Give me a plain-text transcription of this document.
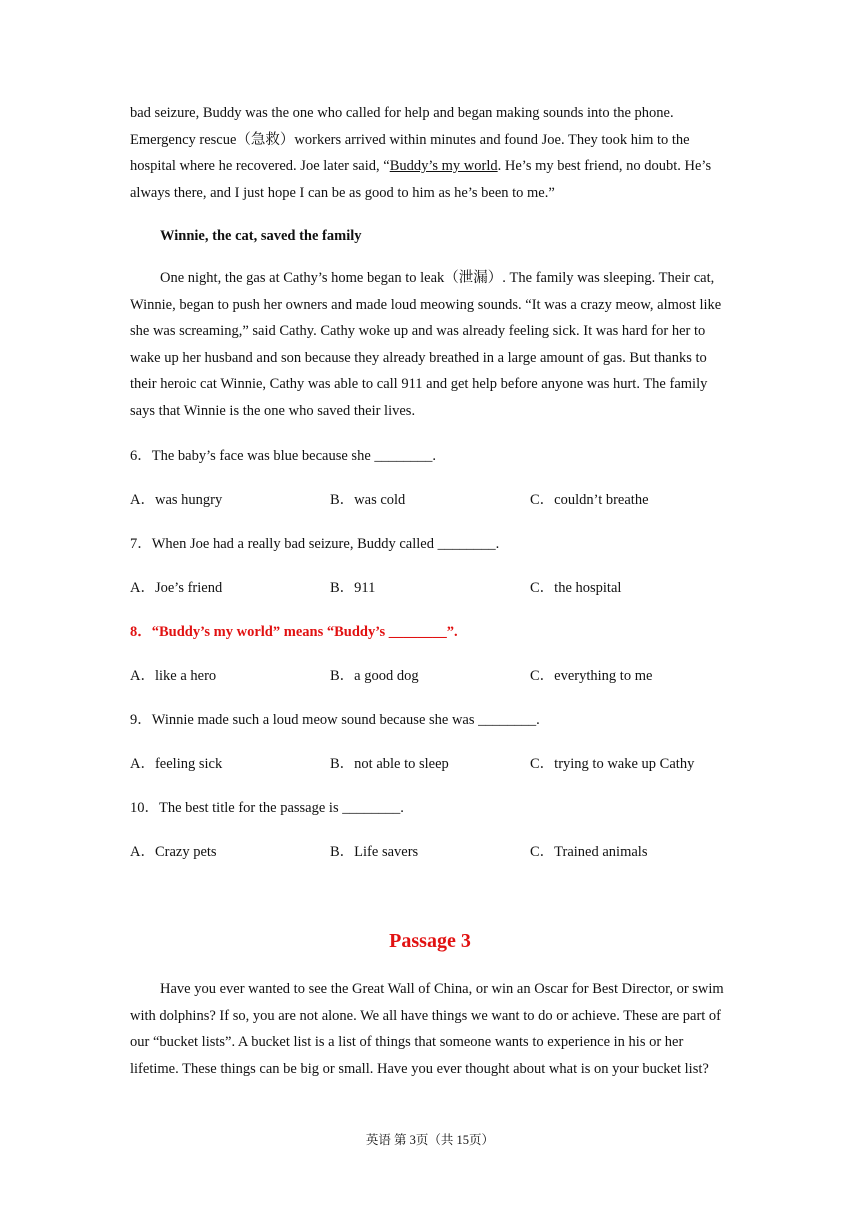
bad seizure, Buddy was the one who called for help and began making sounds into the phone. Emergency rescue（急救）workers arrived within minutes and found Joe. They took him to the hospital where he recovered. Joe later said, “Buddy’s my world. He’s my best friend, no doubt. He’s always there, and I just hope I can be as good to him as he’s been to me.”

Winnie, the cat, saved the family

One night, the gas at Cathy’s home began to leak（泄漏）. The family was sleeping. Their cat, Winnie, began to push her owners and made loud meowing sounds. “It was a crazy meow, almost like she was screaming,” said Cathy. Cathy woke up and was already feeling sick. It was hard for her to wake up her husband and son because they already breathed in a large amount of gas. But thanks to their heroic cat Winnie, Cathy was able to call 911 and get help before anyone was hurt. The family says that Winnie is the one who saved their lives.

6．The baby’s face was blue because she ________.

A．was hungry	B．was cold	C．couldn’t breathe

7．When Joe had a really bad seizure, Buddy called ________.

A．Joe’s friend	B．911	C．the hospital

8．“Buddy’s my world” means “Buddy’s ________”.

A．like a hero	B．a good dog	C．everything to me

9．Winnie made such a loud meow sound because she was ________.

A．feeling sick	B．not able to sleep	C．trying to wake up Cathy

10．The best title for the passage is ________.

A．Crazy pets	B．Life savers	C．Trained animals

Passage 3

Have you ever wanted to see the Great Wall of China, or win an Oscar for Best Director, or swim with dolphins? If so, you are not alone. We all have things we want to do or achieve. These are part of our “bucket lists”. A bucket list is a list of things that someone wants to experience in his or her lifetime. These things can be big or small. Have you ever thought about what is on your bucket list?

英语 第 3页（共 15页）
